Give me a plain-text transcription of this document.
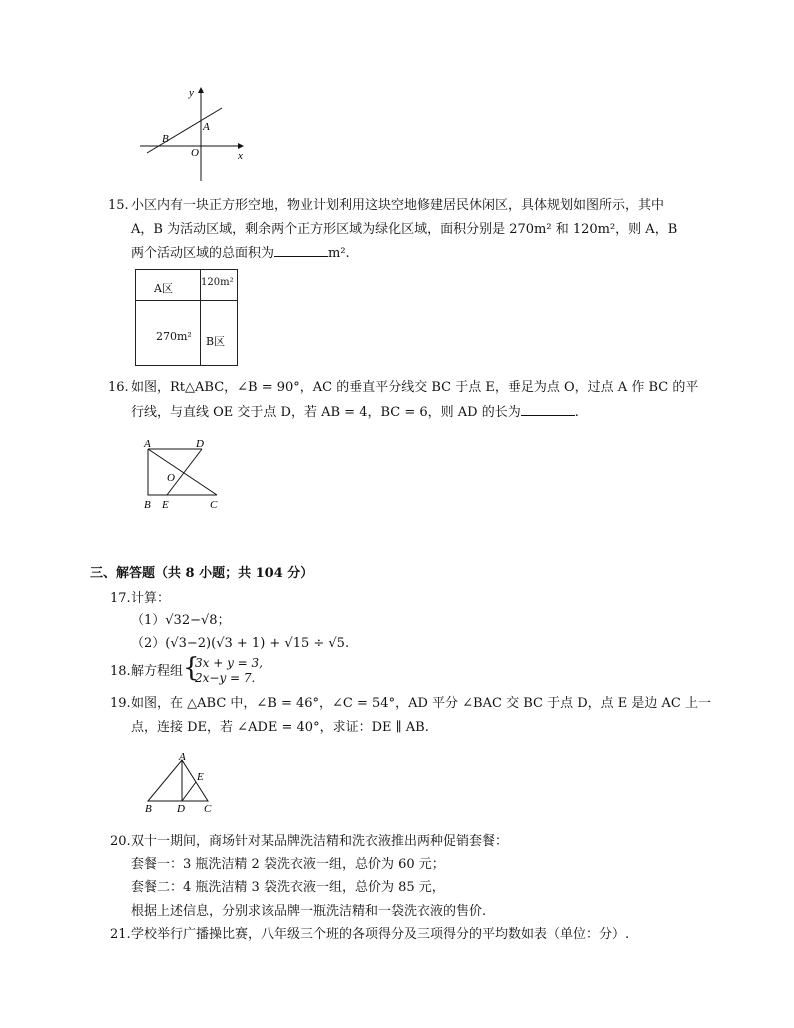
y
x
A
B
O
15. 小区内有一块正方形空地，物业计划利用这块空地修建居民休闲区，具体规划如图所示，其中
A，B 为活动区域，剩余两个正方形区域为绿化区域，面积分别是 270m² 和 120m²，则 A，B
两个活动区域的总面积为	m².
A区	120m²
270m² B区
16. 如图，Rt△ABC，∠B = 90°，AC 的垂直平分线交 BC 于点 E，垂足为点 O，过点 A 作 BC 的平
行线，与直线 OE 交于点 D，若 AB = 4，BC = 6，则 AD 的长为	.
A	D
O
B E	C
三、解答题（共 8 小题；共 104 分）
17. 计算：
（1）√32−√8；
（2）(√3−2)(√3 + 1) + √15 ÷ √5.
18. 解方程组 {
3x + y = 3,
2x−y = 7.
19. 如图，在 △ABC 中，∠B = 46°，∠C = 54°，AD 平分 ∠BAC 交 BC 于点 D，点 E 是边 AC 上一
点，连接 DE，若 ∠ADE = 40°，求证：DE ∥ AB.
A
E
B D C
20. 双十一期间，商场针对某品牌洗洁精和洗衣液推出两种促销套餐：
套餐一：3 瓶洗洁精 2 袋洗衣液一组，总价为 60 元；
套餐二：4 瓶洗洁精 3 袋洗衣液一组，总价为 85 元，
根据上述信息，分别求该品牌一瓶洗洁精和一袋洗衣液的售价.
21. 学校举行广播操比赛，八年级三个班的各项得分及三项得分的平均数如表（单位：分）.
